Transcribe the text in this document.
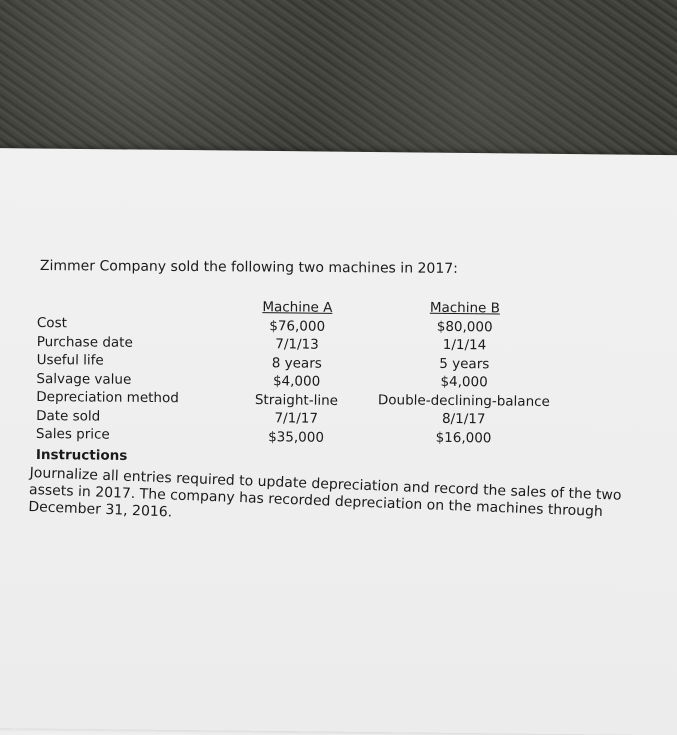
Zimmer Company sold the following two machines in 2017:
Cost
Purchase date
Useful life
Salvage value
Depreciation method
Date sold
Sales price
Machine A
$76,000
7/1/13
8 years
$4,000
Straight-line
7/1/17
$35,000
Machine B
$80,000
1/1/14
5 years
$4,000
Double-declining-balance
8/1/17
$16,000
Instructions
Journalize all entries required to update depreciation and record the sales of the two assets in 2017. The company has recorded depreciation on the machines through December 31, 2016.
